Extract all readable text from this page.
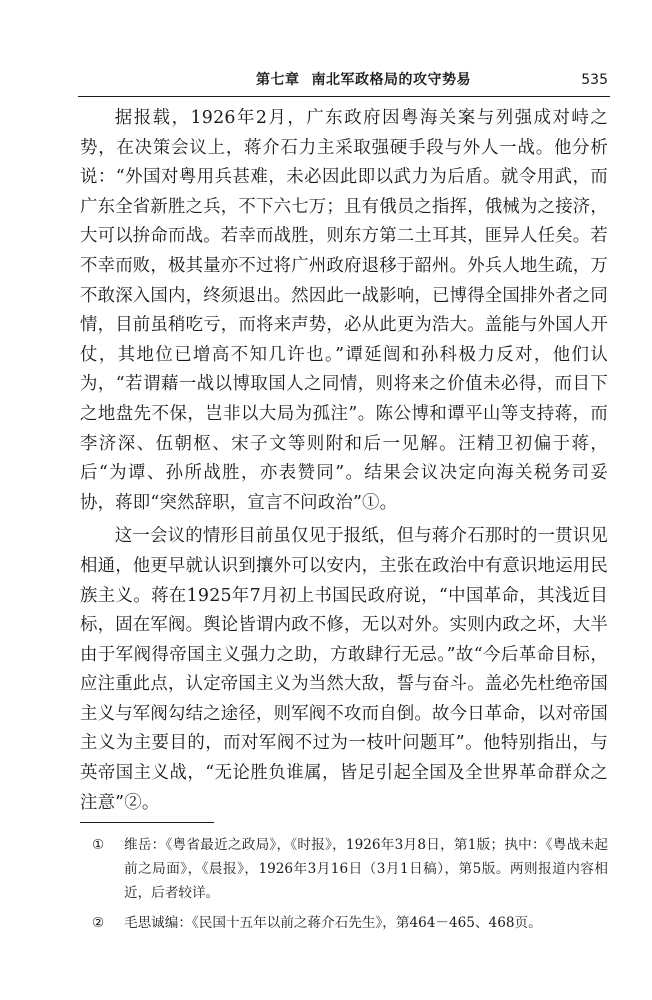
第七章 南北军政格局的攻守势易	535

据报载，1926年2月，广东政府因粤海关案与列强成对峙之势，在决策会议上，蒋介石力主采取强硬手段与外人一战。他分析说：“外国对粤用兵甚难，未必因此即以武力为后盾。就令用武，而广东全省新胜之兵，不下六七万；且有俄员之指挥，俄械为之接济，大可以拚命而战。若幸而战胜，则东方第二土耳其，匪异人任矣。若不幸而败，极其量亦不过将广州政府退移于韶州。外兵人地生疏，万不敢深入国内，终须退出。然因此一战影响，已博得全国排外者之同情，目前虽稍吃亏，而将来声势，必从此更为浩大。盖能与外国人开仗，其地位已增高不知几许也。”谭延闿和孙科极力反对，他们认为，“若谓藉一战以博取国人之同情，则将来之价值未必得，而目下之地盘先不保，岂非以大局为孤注”。陈公博和谭平山等支持蒋，而李济深、伍朝枢、宋子文等则附和后一见解。汪精卫初偏于蒋，后“为谭、孙所战胜，亦表赞同”。结果会议决定向海关税务司妥协，蒋即“突然辞职，宣言不问政治”①。

这一会议的情形目前虽仅见于报纸，但与蒋介石那时的一贯识见相通，他更早就认识到攘外可以安内，主张在政治中有意识地运用民族主义。蒋在1925年7月初上书国民政府说，“中国革命，其浅近目标，固在军阀。舆论皆谓内政不修，无以对外。实则内政之坏，大半由于军阀得帝国主义强力之助，方敢肆行无忌。”故“今后革命目标，应注重此点，认定帝国主义为当然大敌，誓与奋斗。盖必先杜绝帝国主义与军阀勾结之途径，则军阀不攻而自倒。故今日革命，以对帝国主义为主要目的，而对军阀不过为一枝叶问题耳”。他特别指出，与英帝国主义战，“无论胜负谁属，皆足引起全国及全世界革命群众之注意”②。

①	维岳：《粤省最近之政局》，《时报》，1926年3月8日，第1版；执中：《粤战未起前之局面》，《晨报》，1926年3月16日（3月1日稿），第5版。两则报道内容相近，后者较详。
②	毛思诚编：《民国十五年以前之蒋介石先生》，第464－465、468页。
